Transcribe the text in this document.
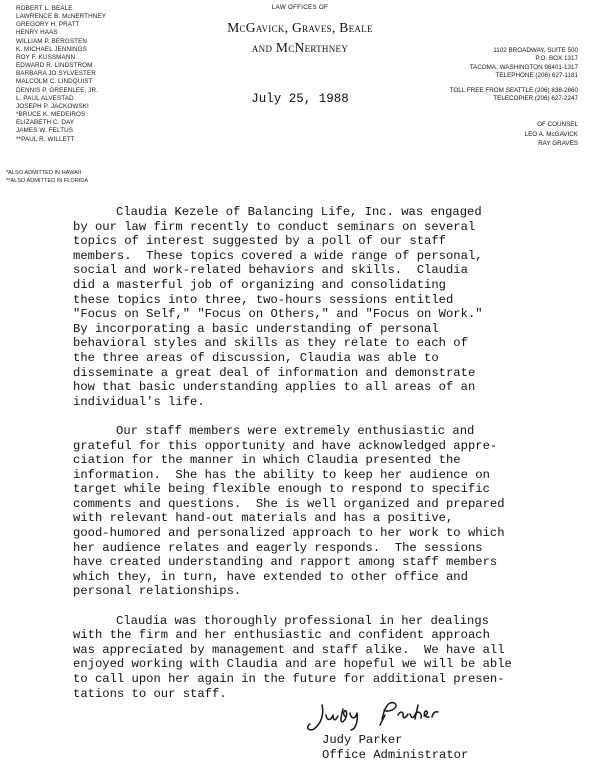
ROBERT L. BEALE
LAWRENCE B. McNERTHNEY
GREGORY H. PRATT
HENRY HAAS
WILLIAM P. BERGSTEN
K. MICHAEL JENNINGS
ROY F. KUSSMANN
EDWARD R. LINDSTROM
BARBARA JO SYLVESTER
MALCOLM C. LINDQUIST
DENNIS P. GREENLEE, JR.
L. PAUL ALVESTAD
JOSEPH P. JACKOWSKI
*BRUCE K. MEDEIROS
ELIZABETH C. DAY
JAMES W. FELTUS
**PAUL R. WILLETT
*ALSO ADMITTED IN HAWAII
**ALSO ADMITTED IN FLORIDA
LAW OFFICES OF
McGavick, Graves, Beale
and McNerthney
July 25, 1988
1102 BROADWAY, SUITE 500
P.O. BOX 1317
TACOMA, WASHINGTON 98401-1317
TELEPHONE (206) 627-1181
TOLL FREE FROM SEATTLE (206) 838-2860
TELECOPIER (206) 627-2247
OF COUNSEL
LEO A. McGAVICK
RAY GRAVES
Claudia Kezele of Balancing Life, Inc. was engaged
by our law firm recently to conduct seminars on several
topics of interest suggested by a poll of our staff
members.  These topics covered a wide range of personal,
social and work-related behaviors and skills.  Claudia
did a masterful job of organizing and consolidating
these topics into three, two-hours sessions entitled
"Focus on Self," "Focus on Others," and "Focus on Work."
By incorporating a basic understanding of personal
behavioral styles and skills as they relate to each of
the three areas of discussion, Claudia was able to
disseminate a great deal of information and demonstrate
how that basic understanding applies to all areas of an
individual's life.
Our staff members were extremely enthusiastic and
grateful for this opportunity and have acknowledged appre-
ciation for the manner in which Claudia presented the
information.  She has the ability to keep her audience on
target while being flexible enough to respond to specific
comments and questions.  She is well organized and prepared
with relevant hand-out materials and has a positive,
good-humored and personalized approach to her work to which
her audience relates and eagerly responds.  The sessions
have created understanding and rapport among staff members
which they, in turn, have extended to other office and
personal relationships.
Claudia was thoroughly professional in her dealings
with the firm and her enthusiastic and confident approach
was appreciated by management and staff alike.  We have all
enjoyed working with Claudia and are hopeful we will be able
to call upon her again in the future for additional presen-
tations to our staff.
Judy Parker
Office Administrator
